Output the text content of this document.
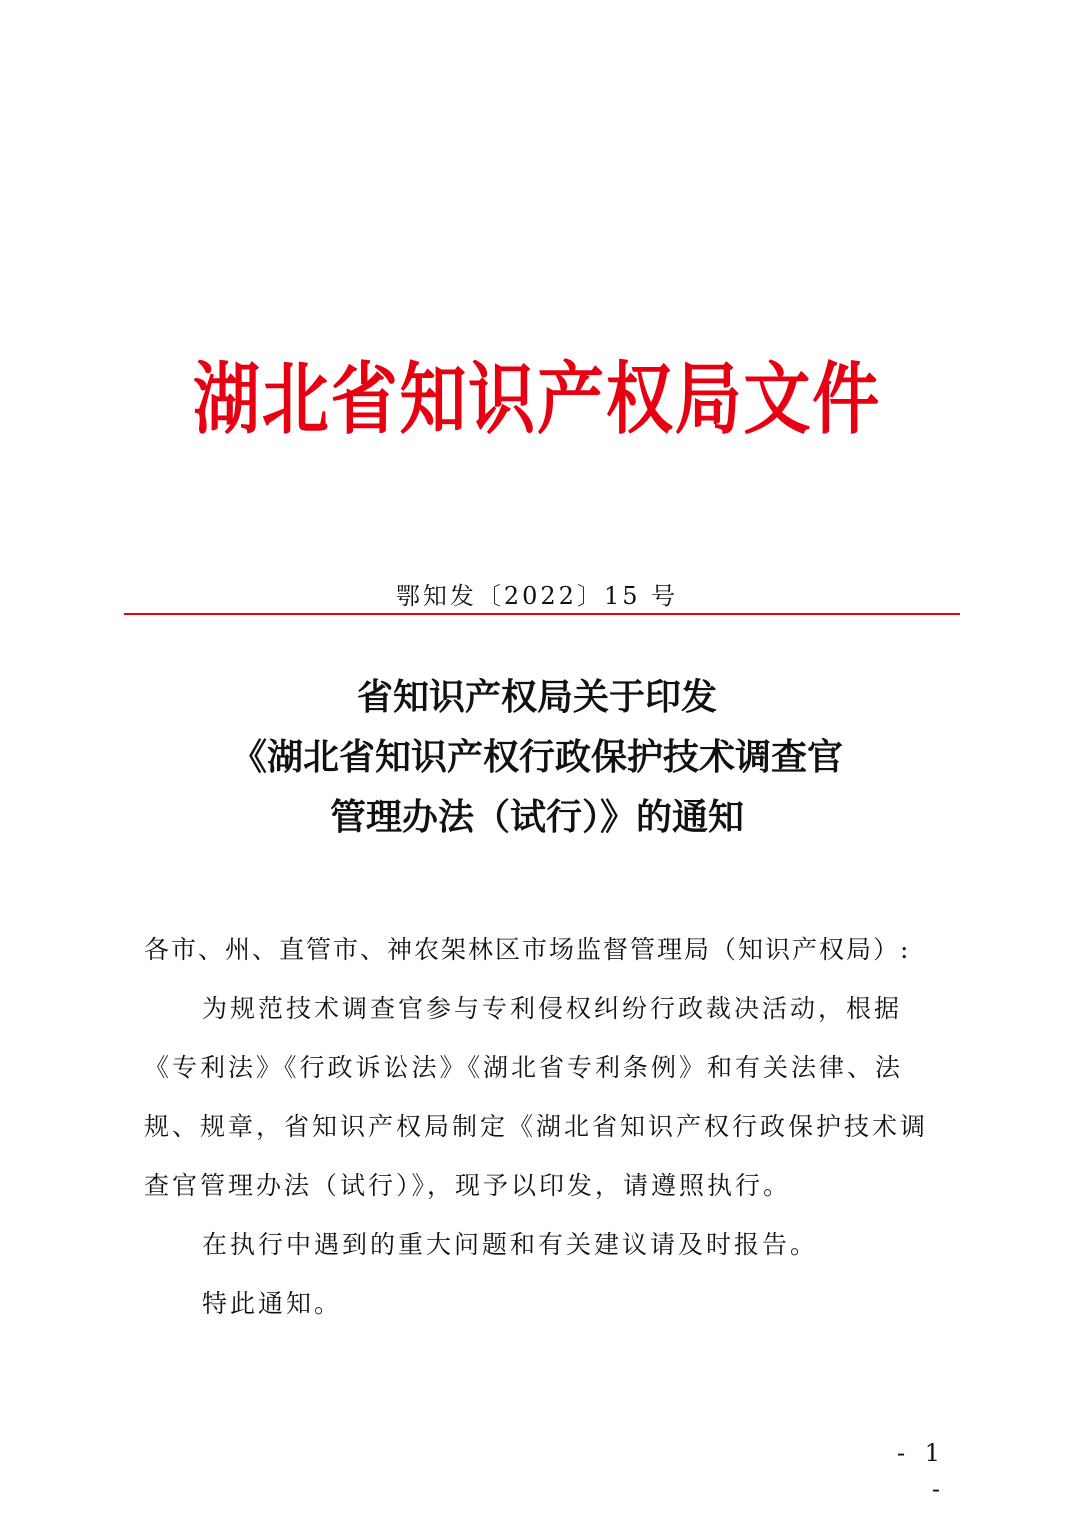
湖北省知识产权局文件
鄂知发〔2022〕15 号
省知识产权局关于印发
《湖北省知识产权行政保护技术调查官
管理办法（试行）》的通知

各市、州、直管市、神农架林区市场监督管理局（知识产权局）:

为规范技术调查官参与专利侵权纠纷行政裁决活动，根据《专利法》《行政诉讼法》《湖北省专利条例》和有关法律、法规、规章，省知识产权局制定《湖北省知识产权行政保护技术调查官管理办法（试行）》，现予以印发，请遵照执行。

在执行中遇到的重大问题和有关建议请及时报告。

特此通知。

- 1 -
